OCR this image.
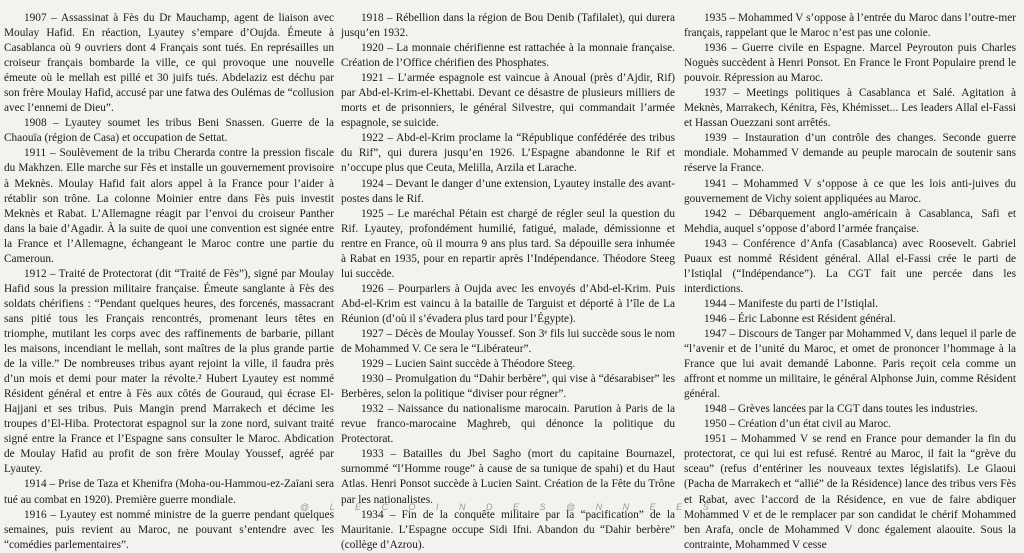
1907 – Assassinat à Fès du Dr Mauchamp, agent de liaison avec Moulay Hafid. En réaction, Lyautey s’empare d’Oujda. Émeute à Casablanca où 9 ouvriers dont 4 Français sont tués. En représailles un croiseur français bombarde la ville, ce qui provoque une nouvelle émeute où le mellah est pillé et 30 juifs tués. Abdelaziz est déchu par son frère Moulay Hafid, accusé par une fatwa des Oulémas de “collusion avec l’ennemi de Dieu”.

1908 – Lyautey soumet les tribus Beni Snassen. Guerre de la Chaouïa (région de Casa) et occupation de Settat.

1911 – Soulèvement de la tribu Cherarda contre la pression fiscale du Makhzen. Elle marche sur Fès et installe un gouvernement provisoire à Meknès. Moulay Hafid fait alors appel à la France pour l’aider à rétablir son trône. La colonne Moinier entre dans Fès puis investit Meknès et Rabat. L’Allemagne réagit par l’envoi du croiseur Panther dans la baie d’Agadir. À la suite de quoi une convention est signée entre la France et l’Allemagne, échangeant le Maroc contre une partie du Cameroun.

1912 – Traité de Protectorat (dit “Traité de Fès”), signé par Moulay Hafid sous la pression militaire française. Émeute sanglante à Fès des soldats chérifiens : “Pendant quelques heures, des forcenés, massacrant sans pitié tous les Français rencontrés, promenant leurs têtes en triomphe, mutilant les corps avec des raffinements de barbarie, pillant les maisons, incendiant le mellah, sont maîtres de la plus grande partie de la ville.” De nombreuses tribus ayant rejoint la ville, il faudra près d’un mois et demi pour mater la révolte.² Hubert Lyautey est nommé Résident général et entre à Fès aux côtés de Gouraud, qui écrase El-Hajjani et ses tribus. Puis Mangin prend Marrakech et décime les troupes d’El-Hiba. Protectorat espagnol sur la zone nord, suivant traité signé entre la France et l’Espagne sans consulter le Maroc. Abdication de Moulay Hafid au profit de son frère Moulay Youssef, agréé par Lyautey.

1914 – Prise de Taza et Khenifra (Moha-ou-Hammou-ez-Zaïani sera tué au combat en 1920). Première guerre mondiale.

1916 – Lyautey est nommé ministre de la guerre pendant quelques semaines, puis revient au Maroc, ne pouvant s’entendre avec les “comédies parlementaires”.

1918 – Rébellion dans la région de Bou Denib (Tafilalet), qui durera jusqu’en 1932.

1920 – La monnaie chérifienne est rattachée à la monnaie française. Création de l’Office chérifien des Phosphates.

1921 – L’armée espagnole est vaincue à Anoual (près d’Ajdir, Rif) par Abd-el-Krim-el-Khettabi. Devant ce désastre de plusieurs milliers de morts et de prisonniers, le général Silvestre, qui commandait l’armée espagnole, se suicide.

1922 – Abd-el-Krim proclame la “République confédérée des tribus du Rif”, qui durera jusqu’en 1926. L’Espagne abandonne le Rif et n’occupe plus que Ceuta, Melilla, Arzila et Larache.

1924 – Devant le danger d’une extension, Lyautey installe des avant-postes dans le Rif.

1925 – Le maréchal Pétain est chargé de régler seul la question du Rif. Lyautey, profondément humilié, fatigué, malade, démissionne et rentre en France, où il mourra 9 ans plus tard. Sa dépouille sera inhumée à Rabat en 1935, pour en repartir après l’Indépendance. Théodore Steeg lui succède.

1926 – Pourparlers à Oujda avec les envoyés d’Abd-el-Krim. Puis Abd-el-Krim est vaincu à la bataille de Targuist et déporté à l’île de La Réunion (d’où il s’évadera plus tard pour l’Égypte).

1927 – Décès de Moulay Youssef. Son 3ᵉ fils lui succède sous le nom de Mohammed V. Ce sera le “Libérateur”.

1929 – Lucien Saint succède à Théodore Steeg.

1930 – Promulgation du “Dahir berbère”, qui vise à “désarabiser” les Berbères, selon la politique “diviser pour régner”.

1932 – Naissance du nationalisme marocain. Parution à Paris de la revue franco-marocaine Maghreb, qui dénonce la politique du Protectorat.

1933 – Batailles du Jbel Sagho (mort du capitaine Bournazel, surnommé “l’Homme rouge” à cause de sa tunique de spahi) et du Haut Atlas. Henri Ponsot succède à Lucien Saint. Création de la Fête du Trône par les nationalistes.

1934 – Fin de la conquête militaire par la “pacification” de la Mauritanie. L’Espagne occupe Sidi Ifni. Abandon du “Dahir berbère” (collège d’Azrou).

1935 – Mohammed V s’oppose à l’entrée du Maroc dans l’outre-mer français, rappelant que le Maroc n’est pas une colonie.

1936 – Guerre civile en Espagne. Marcel Peyrouton puis Charles Noguès succèdent à Henri Ponsot. En France le Front Populaire prend le pouvoir. Répression au Maroc.

1937 – Meetings politiques à Casablanca et Salé. Agitation à Meknès, Marrakech, Kénitra, Fès, Khémisset... Les leaders Allal el-Fassi et Hassan Ouezzani sont arrêtés.

1939 – Instauration d’un contrôle des changes. Seconde guerre mondiale. Mohammed V demande au peuple marocain de soutenir sans réserve la France.

1941 – Mohammed V s’oppose à ce que les lois anti-juives du gouvernement de Vichy soient appliquées au Maroc.

1942 – Débarquement anglo-américain à Casablanca, Safi et Mehdia, auquel s’oppose d’abord l’armée française.

1943 – Conférence d’Anfa (Casablanca) avec Roosevelt. Gabriel Puaux est nommé Résident général. Allal el-Fassi crée le parti de l’Istiqlal (“Indépendance”). La CGT fait une percée dans les interdictions.

1944 – Manifeste du parti de l’Istiqlal.

1946 – Éric Labonne est Résident général.

1947 – Discours de Tanger par Mohammed V, dans lequel il parle de “l’avenir et de l’unité du Maroc, et omet de prononcer l’hommage à la France que lui avait demandé Labonne. Paris reçoit cela comme un affront et nomme un militaire, le général Alphonse Juin, comme Résident général.

1948 – Grèves lancées par la CGT dans toutes les industries.

1950 – Création d’un état civil au Maroc.

1951 – Mohammed V se rend en France pour demander la fin du protectorat, ce qui lui est refusé. Rentré au Maroc, il fait la “grève du sceau” (refus d’entériner les nouveaux textes législatifs). Le Glaoui (Pacha de Marrakech et “allié” de la Résidence) lance des tribus vers Fès et Rabat, avec l’accord de la Résidence, en vue de faire abdiquer Mohammed V et de le remplacer par son candidat le chérif Mohammed ben Arafa, oncle de Mohammed V donc également alaouite. Sous la contrainte, Mohammed V cesse

@ L E C O I N D E S @ N N E E S
